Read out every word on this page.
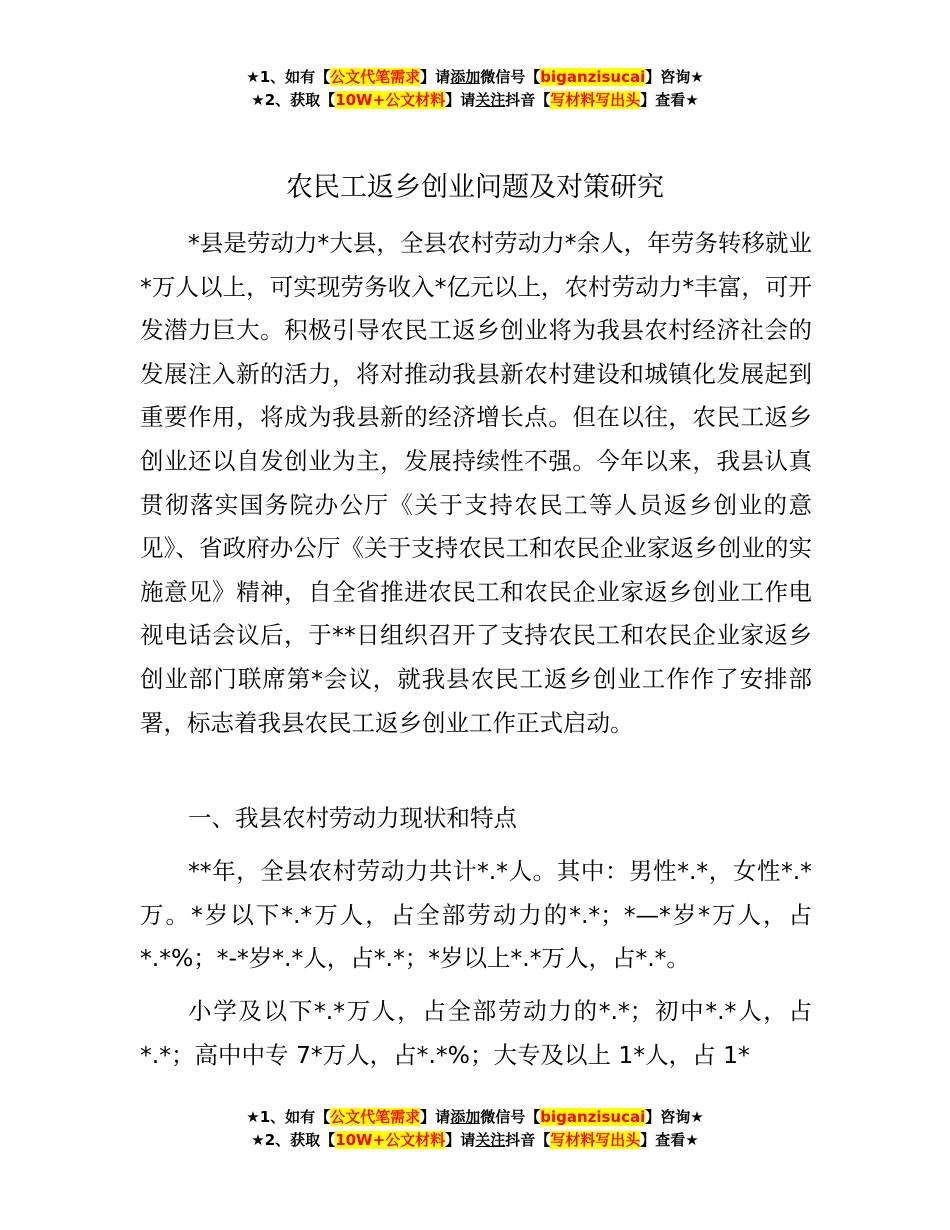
★1、如有【公文代笔需求】请添加微信号【biganzisucai】咨询★
★2、获取【10W+公文材料】请关注抖音【写材料写出头】查看★
农民工返乡创业问题及对策研究

*县是劳动力*大县，全县农村劳动力*余人，年劳务转移就业*万人以上，可实现劳务收入*亿元以上，农村劳动力*丰富，可开发潜力巨大。积极引导农民工返乡创业将为我县农村经济社会的发展注入新的活力，将对推动我县新农村建设和城镇化发展起到重要作用，将成为我县新的经济增长点。但在以往，农民工返乡创业还以自发创业为主，发展持续性不强。今年以来，我县认真贯彻落实国务院办公厅《关于支持农民工等人员返乡创业的意见》、省政府办公厅《关于支持农民工和农民企业家返乡创业的实施意见》精神，自全省推进农民工和农民企业家返乡创业工作电视电话会议后，于**日组织召开了支持农民工和农民企业家返乡创业部门联席第*会议，就我县农民工返乡创业工作作了安排部署，标志着我县农民工返乡创业工作正式启动。

一、我县农村劳动力现状和特点

**年，全县农村劳动力共计*.*人。其中：男性*.*，女性*.*万。*岁以下*.*万人，占全部劳动力的*.*；*—*岁*万人，占*.*%；*-*岁*.*人，占*.*；*岁以上*.*万人，占*.*。

小学及以下*.*万人，占全部劳动力的*.*；初中*.*人，占*.*；高中中专 7*万人，占*.*%；大专及以上 1*人，占 1*

★1、如有【公文代笔需求】请添加微信号【biganzisucai】咨询★
★2、获取【10W+公文材料】请关注抖音【写材料写出头】查看★
